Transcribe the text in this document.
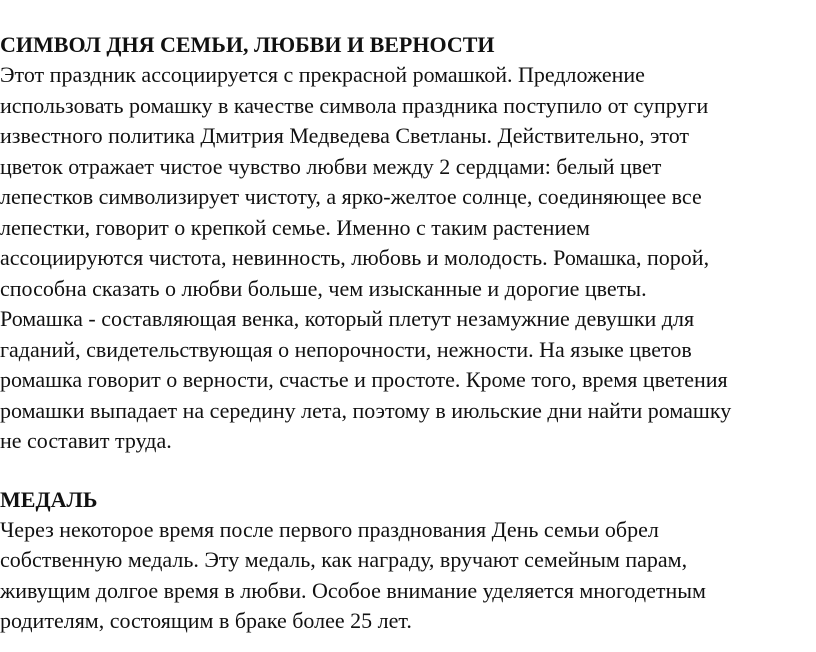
СИМВОЛ ДНЯ СЕМЬИ, ЛЮБВИ И ВЕРНОСТИ

Этот праздник ассоциируется с прекрасной ромашкой. Предложение
использовать ромашку в качестве символа праздника поступило от супруги
известного политика Дмитрия Медведева Светланы. Действительно, этот
цветок отражает чистое чувство любви между 2 сердцами: белый цвет
лепестков символизирует чистоту, а ярко-желтое солнце, соединяющее все
лепестки, говорит о крепкой семье. Именно с таким растением
ассоциируются чистота, невинность, любовь и молодость. Ромашка, порой,
способна сказать о любви больше, чем изысканные и дорогие цветы.
Ромашка - составляющая венка, который плетут незамужние девушки для
гаданий, свидетельствующая о непорочности, нежности. На языке цветов
ромашка говорит о верности, счастье и простоте. Кроме того, время цветения
ромашки выпадает на середину лета, поэтому в июльские дни найти ромашку
не составит труда.

МЕДАЛЬ

Через некоторое время после первого празднования День семьи обрел
собственную медаль. Эту медаль, как награду, вручают семейным парам,
живущим долгое время в любви. Особое внимание уделяется многодетным
родителям, состоящим в браке более 25 лет.
